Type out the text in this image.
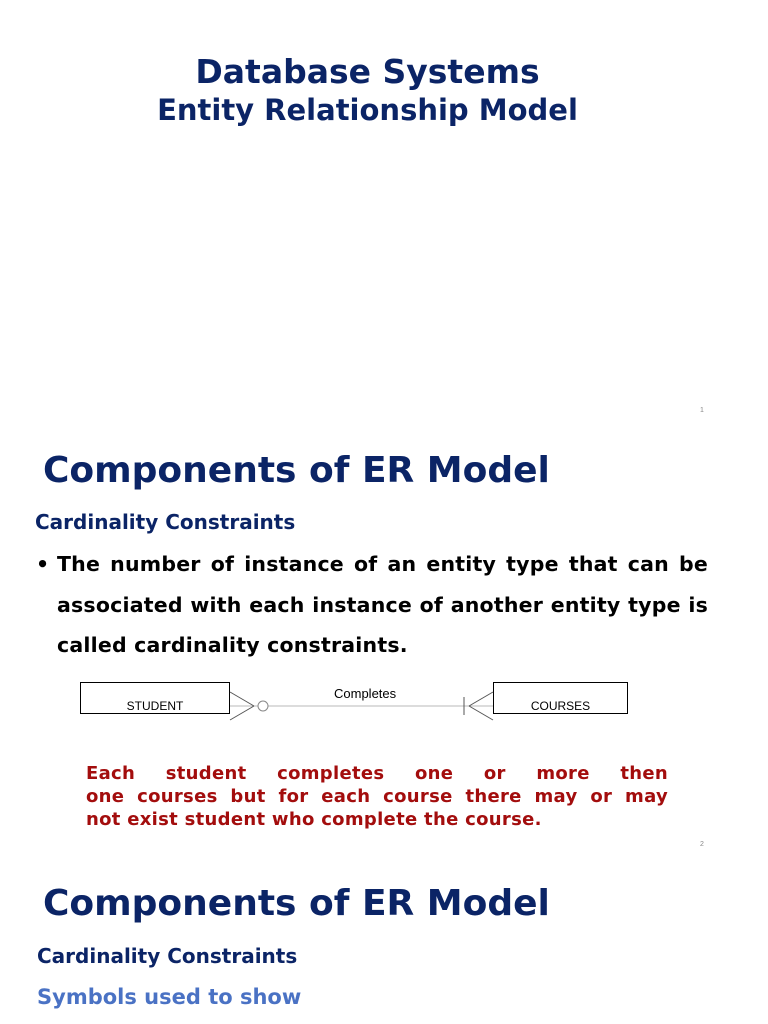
Database Systems
Entity Relationship Model
1
Components of ER Model
Cardinality Constraints
• The number of instance of an entity type that can be associated with each instance of another entity type is called cardinality constraints.
STUDENT	COURSES
Completes
Each student completes one or more then
one courses but for each course there may or may
not exist student who complete the course.
2
Components of ER Model
Cardinality Constraints
Symbols used to show
